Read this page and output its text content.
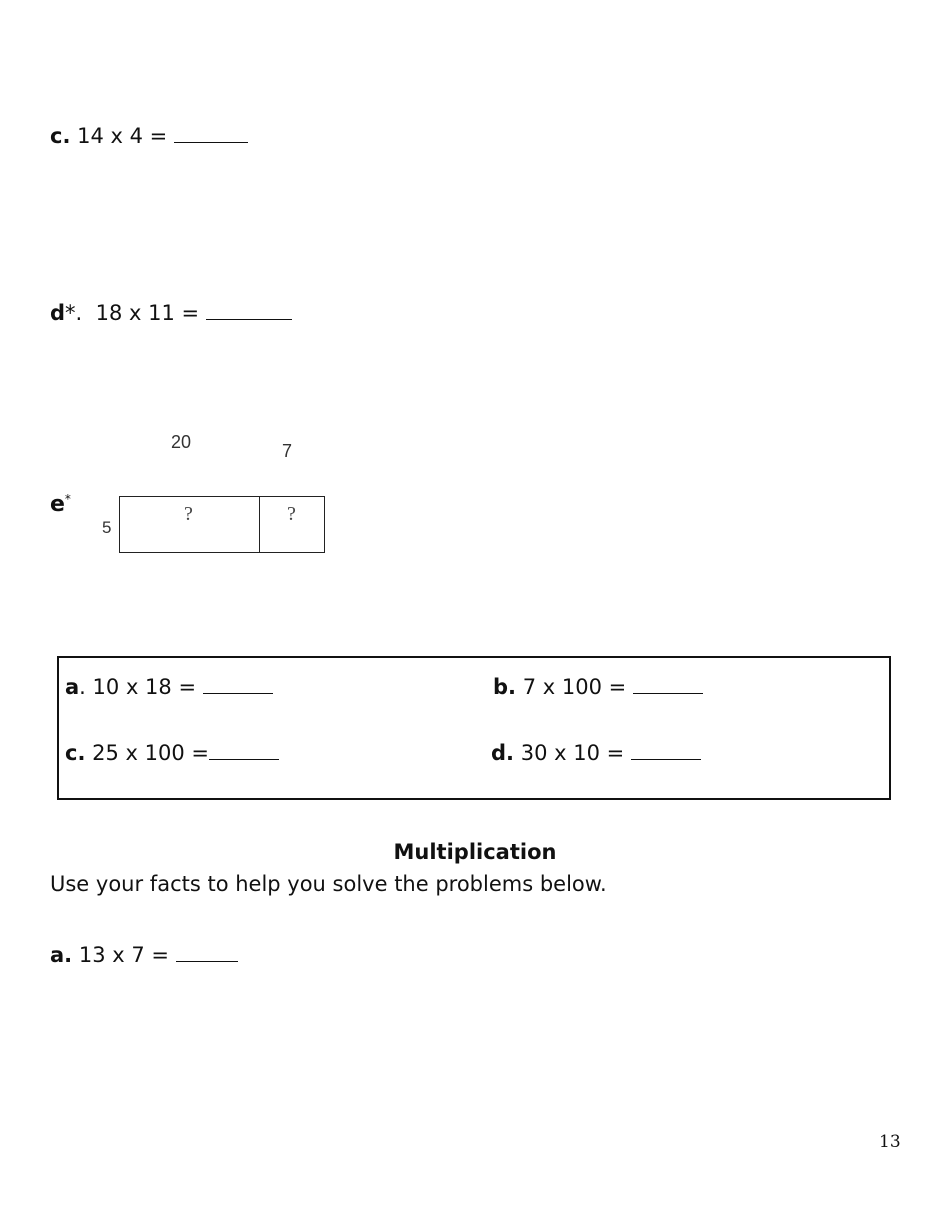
c. 14 x 4 =
d*. 18 x 11 =
e*
20	7
5
?	?
a. 10 x 18 =	b. 7 x 100 =
c. 25 x 100 =	d. 30 x 10 =
Multiplication
Use your facts to help you solve the problems below.
a. 13 x 7 =
13
